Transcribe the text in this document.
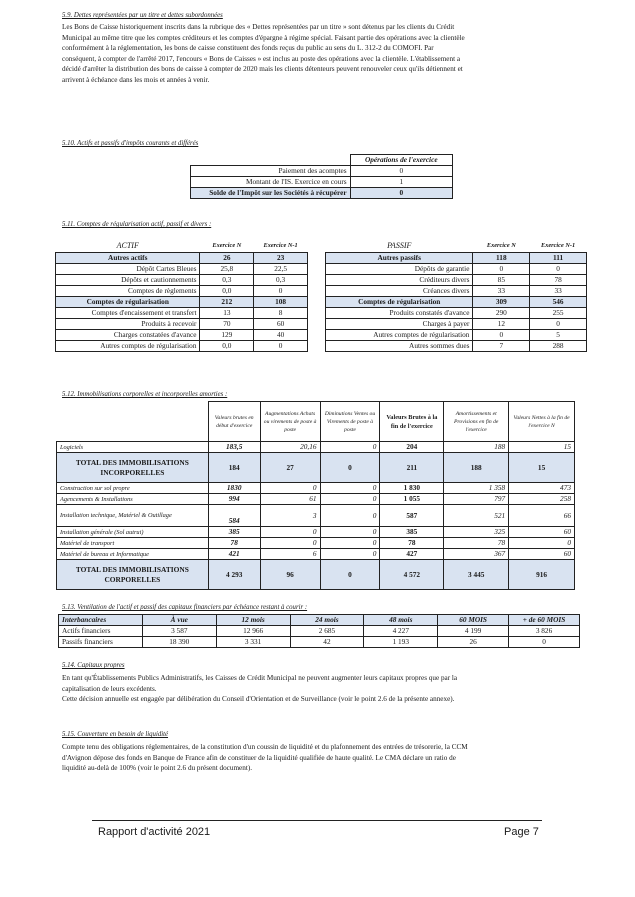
5.9. Dettes représentées par un titre et dettes subordonnées
Les Bons de Caisse historiquement inscrits dans la rubrique des « Dettes représentées par un titre » sont détenus par les clients du Crédit
Municipal au même titre que les comptes créditeurs et les comptes d'épargne à régime spécial. Faisant partie des opérations avec la clientèle
conformément à la réglementation, les bons de caisse constituent des fonds reçus du public au sens du L. 312-2 du COMOFI. Par
conséquent, à compter de l'arrêté 2017, l'encours « Bons de Caisses » est inclus au poste des opérations avec la clientèle. L'établissement a
décidé d'arrêter la distribution des bons de caisse à compter de 2020 mais les clients détenteurs peuvent renouveler ceux qu'ils détiennent et
arrivent à échéance dans les mois et années à venir.
5.10. Actifs et passifs d'impôts courants et différés
	Opérations de l'exercice
Paiement des acomptes	0
Montant de l'IS. Exercice en cours	1
Solde de l'Impôt sur les Sociétés à récupérer	0
5.11. Comptes de régularisation actif, passif et divers :
ACTIF	Exercice N	Exercice N-1
Autres actifs	26	23
Dépôt Cartes Bleues	25,8	22,5
Dépôts et cautionnements	0,3	0,3
Comptes de règlements	0,0	0
Comptes de régularisation	212	108
Comptes d'encaissement et transfert	13	8
Produits à recevoir	70	60
Charges constatées d'avance	129	40
Autres comptes de régularisation	0,0	0
PASSIF	Exercice N	Exercice N-1
Autres passifs	118	111
Dépôts de garantie	0	0
Créditeurs divers	85	78
Créances divers	33	33
Comptes de régularisation	309	546
Produits constatés d'avance	290	255
Charges à payer	12	0
Autres comptes de régularisation	0	5
Autres sommes dues	7	288
5.12. Immobilisations corporelles et incorporelles amorties :
	Valeurs brutes en début d'exercice	Augmentations Achats ou virements de poste à poste	Diminutions Ventes ou Virements de poste à poste	Valeurs Brutes à la fin de l'exercice	Amortissements et Provisions en fin de l'exercice	Valeurs Nettes à la fin de l'exercice N
Logiciels	183,5	20,16	0	204	188	15
TOTAL DES IMMOBILISATIONS INCORPORELLES	184	27	0	211	188	15
Construction sur sol propre	1830	0	0	1 830	1 358	473
Agencements & Installations	994	61	0	1 055	797	258
Installation technique, Matériel & Outillage	584	3	0	587	521	66
Installation générale (Sol autrui)	385	0	0	385	325	60
Matériel de transport	78	0	0	78	78	0
Matériel de bureau et Informatique	421	6	0	427	367	60
TOTAL DES IMMOBILISATIONS CORPORELLES	4 293	96	0	4 572	3 445	916
5.13. Ventilation de l'actif et passif des capitaux financiers par échéance restant à courir :
Interbancaires	À vue	12 mois	24 mois	48 mois	60 MOIS	+ de 60 MOIS
Actifs financiers	3 587	12 966	2 685	4 227	4 199	3 826
Passifs financiers	18 390	3 331	42	1 193	26	0
5.14. Capitaux propres
En tant qu'Établissements Publics Administratifs, les Caisses de Crédit Municipal ne peuvent augmenter leurs capitaux propres que par la
capitalisation de leurs excédents.
Cette décision annuelle est engagée par délibération du Conseil d'Orientation et de Surveillance (voir le point 2.6 de la présente annexe).
5.15. Couverture en besoin de liquidité
Compte tenu des obligations réglementaires, de la constitution d'un coussin de liquidité et du plafonnement des entrées de trésorerie, la CCM
d'Avignon dépose des fonds en Banque de France afin de constituer de la liquidité qualifiée de haute qualité. Le CMA déclare un ratio de
liquidité au-delà de 100% (voir le point 2.6 du présent document).
Rapport d'activité 2021	Page 7
